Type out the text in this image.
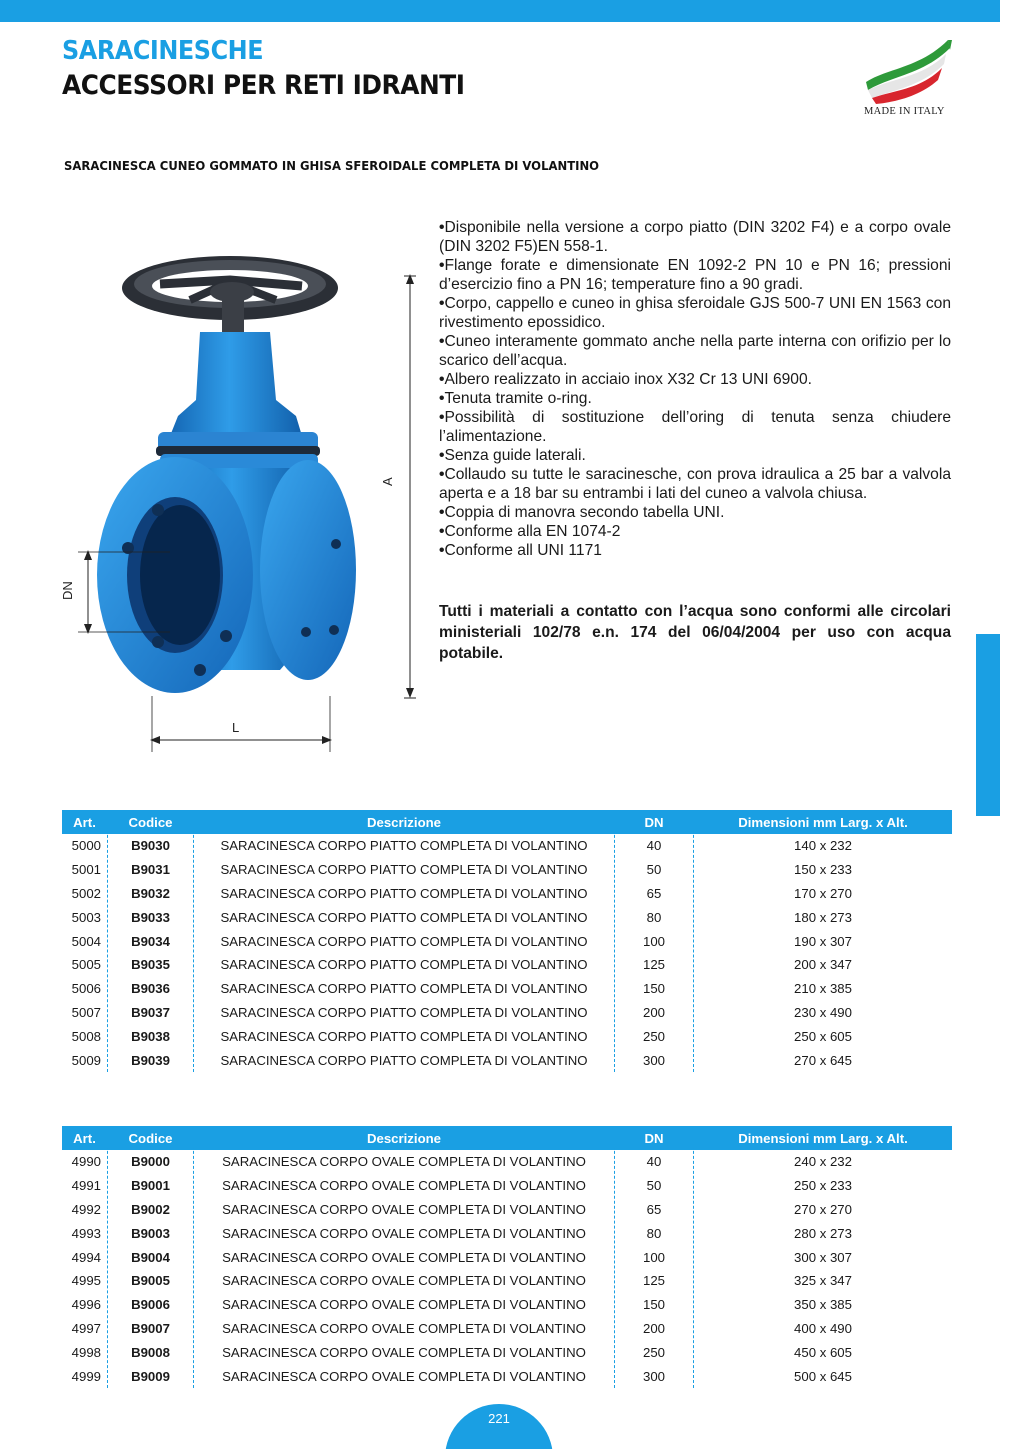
SARACINESCHE
ACCESSORI PER RETI IDRANTI
MADE IN ITALY
SARACINESCA CUNEO GOMMATO IN GHISA SFEROIDALE COMPLETA DI VOLANTINO
A
DN
L
• Disponibile nella versione a corpo piatto (DIN 3202 F4) e a corpo ovale (DIN 3202 F5)EN 558-1.
• Flange forate e dimensionate EN 1092-2 PN 10 e PN 16; pressioni d’esercizio fino a PN 16; temperature fino a 90 gradi.
• Corpo, cappello e cuneo in ghisa sferoidale GJS 500-7 UNI EN 1563 con rivestimento epossidico.
• Cuneo interamente gommato anche nella parte interna con orifizio per lo scarico dell’acqua.
• Albero realizzato in acciaio inox X32 Cr 13 UNI 6900.
• Tenuta tramite o-ring.
• Possibilità di sostituzione dell’oring di tenuta senza chiudere l’alimentazione.
• Senza guide laterali.
• Collaudo su tutte le saracinesche, con prova idraulica a 25 bar a valvola aperta e a 18 bar su entrambi i lati del cuneo a valvola chiusa.
• Coppia di manovra secondo tabella UNI.
• Conforme alla EN 1074-2
• Conforme all UNI 1171
Tutti i materiali a contatto con l’acqua sono conformi alle circolari ministeriali 102/78 e.n. 174 del 06/04/2004 per uso con acqua potabile.
Art.	Codice	Descrizione	DN	Dimensioni mm Larg. x Alt.
5000	B9030	SARACINESCA CORPO PIATTO COMPLETA DI VOLANTINO	40	140 x 232
5001	B9031	SARACINESCA CORPO PIATTO COMPLETA DI VOLANTINO	50	150 x 233
5002	B9032	SARACINESCA CORPO PIATTO COMPLETA DI VOLANTINO	65	170 x 270
5003	B9033	SARACINESCA CORPO PIATTO COMPLETA DI VOLANTINO	80	180 x 273
5004	B9034	SARACINESCA CORPO PIATTO COMPLETA DI VOLANTINO	100	190 x 307
5005	B9035	SARACINESCA CORPO PIATTO COMPLETA DI VOLANTINO	125	200 x 347
5006	B9036	SARACINESCA CORPO PIATTO COMPLETA DI VOLANTINO	150	210 x 385
5007	B9037	SARACINESCA CORPO PIATTO COMPLETA DI VOLANTINO	200	230 x 490
5008	B9038	SARACINESCA CORPO PIATTO COMPLETA DI VOLANTINO	250	250 x 605
5009	B9039	SARACINESCA CORPO PIATTO COMPLETA DI VOLANTINO	300	270 x 645
Art.	Codice	Descrizione	DN	Dimensioni mm Larg. x Alt.
4990	B9000	SARACINESCA CORPO OVALE COMPLETA DI VOLANTINO	40	240 x 232
4991	B9001	SARACINESCA CORPO OVALE COMPLETA DI VOLANTINO	50	250 x 233
4992	B9002	SARACINESCA CORPO OVALE COMPLETA DI VOLANTINO	65	270 x 270
4993	B9003	SARACINESCA CORPO OVALE COMPLETA DI VOLANTINO	80	280 x 273
4994	B9004	SARACINESCA CORPO OVALE COMPLETA DI VOLANTINO	100	300 x 307
4995	B9005	SARACINESCA CORPO OVALE COMPLETA DI VOLANTINO	125	325 x 347
4996	B9006	SARACINESCA CORPO OVALE COMPLETA DI VOLANTINO	150	350 x 385
4997	B9007	SARACINESCA CORPO OVALE COMPLETA DI VOLANTINO	200	400 x 490
4998	B9008	SARACINESCA CORPO OVALE COMPLETA DI VOLANTINO	250	450 x 605
4999	B9009	SARACINESCA CORPO OVALE COMPLETA DI VOLANTINO	300	500 x 645
221
